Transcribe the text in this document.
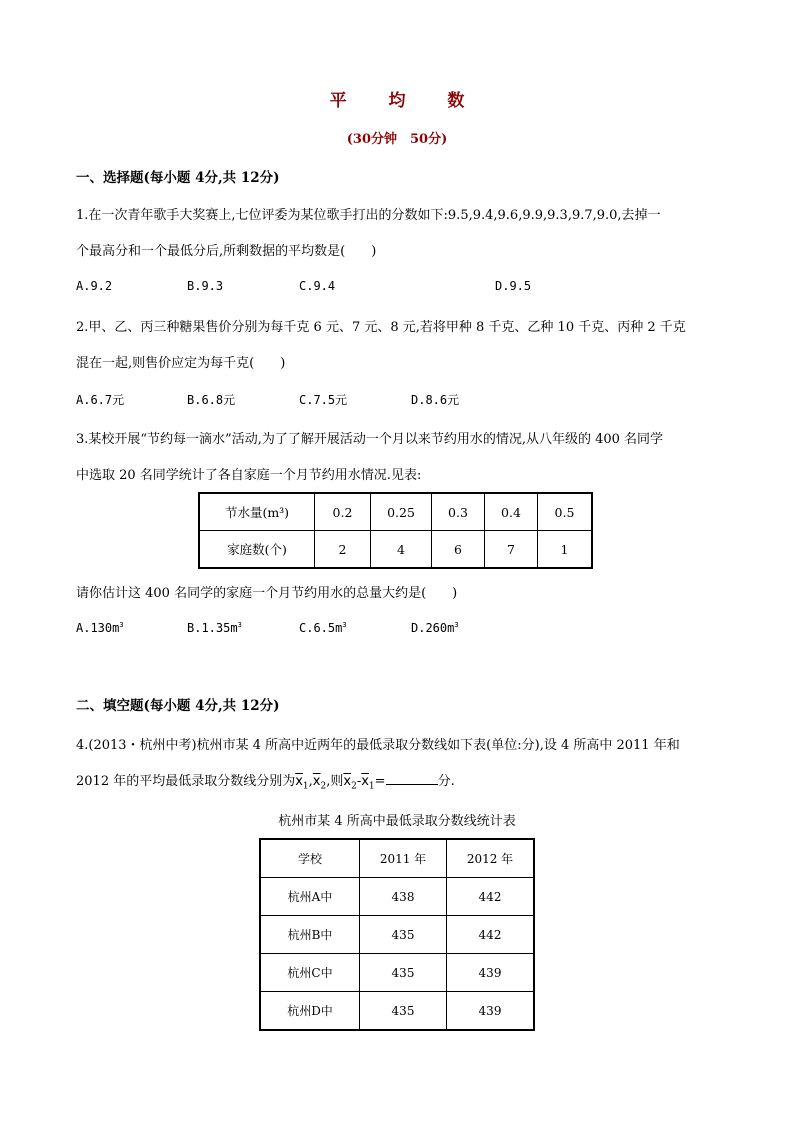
平 均 数
(30分钟　50分)
一、选择题(每小题 4分,共 12分)
1.在一次青年歌手大奖赛上,七位评委为某位歌手打出的分数如下:9.5,9.4,9.6,9.9,9.3,9.7,9.0,去掉一
个最高分和一个最低分后,所剩数据的平均数是(　　)
A.9.2	B.9.3	C.9.4	D.9.5
2.甲、乙、丙三种糖果售价分别为每千克 6 元、7 元、8 元,若将甲种 8 千克、乙种 10 千克、丙种 2 千克
混在一起,则售价应定为每千克(　　)
A.6.7元	B.6.8元	C.7.5元	D.8.6元
3.某校开展“节约每一滴水”活动,为了了解开展活动一个月以来节约用水的情况,从八年级的 400 名同学
中选取 20 名同学统计了各自家庭一个月节约用水情况.见表:
节水量(m³)	0.2	0.25	0.3	0.4	0.5
家庭数(个)	2	4	6	7	1
请你估计这 400 名同学的家庭一个月节约用水的总量大约是(　　)
$A.130m^3$	$B.1.35m^3$	$C.6.5m^3$	$D.260m^3$
二、填空题(每小题 4分,共 12分)
4.(2013・杭州中考)杭州市某 4 所高中近两年的最低录取分数线如下表(单位:分),设 4 所高中 2011 年和
2012 年的平均最低录取分数线分别为$\overline{x}_1,\overline{x}_2$,则$\overline{x}_2-\overline{x}_1=$	分.
杭州市某 4 所高中最低录取分数线统计表
学校	2011 年	2012 年
杭州A中	438	442
杭州B中	435	442
杭州C中	435	439
杭州D中	435	439
